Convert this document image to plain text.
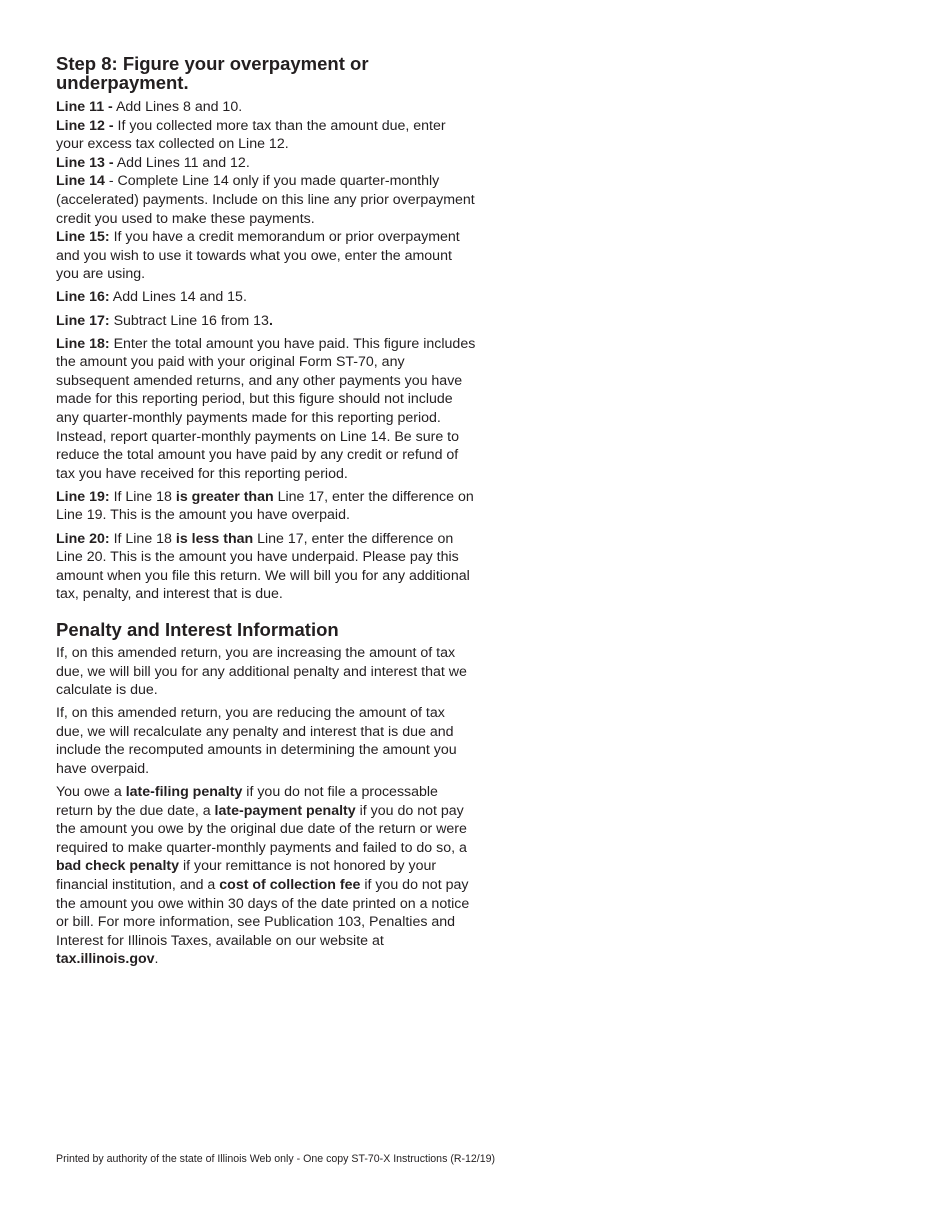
Step 8: Figure your overpayment or underpayment.

Line 11 - Add Lines 8 and 10.

Line 12 - If you collected more tax than the amount due, enter your excess tax collected on Line 12.

Line 13 - Add Lines 11 and 12.

Line 14 - Complete Line 14 only if you made quarter-monthly (accelerated) payments. Include on this line any prior overpayment credit you used to make these payments.

Line 15: If you have a credit memorandum or prior overpayment and you wish to use it towards what you owe, enter the amount you are using.

Line 16: Add Lines 14 and 15.

Line 17: Subtract Line 16 from 13.

Line 18: Enter the total amount you have paid. This figure includes the amount you paid with your original Form ST-70, any subsequent amended returns, and any other payments you have made for this reporting period, but this figure should not include any quarter-monthly payments made for this reporting period. Instead, report quarter-monthly payments on Line 14. Be sure to reduce the total amount you have paid by any credit or refund of tax you have received for this reporting period.

Line 19: If Line 18 is greater than Line 17, enter the difference on Line 19. This is the amount you have overpaid.

Line 20: If Line 18 is less than Line 17, enter the difference on Line 20. This is the amount you have underpaid. Please pay this amount when you file this return. We will bill you for any additional tax, penalty, and interest that is due.

Penalty and Interest Information

If, on this amended return, you are increasing the amount of tax due, we will bill you for any additional penalty and interest that we calculate is due.

If, on this amended return, you are reducing the amount of tax due, we will recalculate any penalty and interest that is due and include the recomputed amounts in determining the amount you have overpaid.

You owe a late-filing penalty if you do not file a processable return by the due date, a late-payment penalty if you do not pay the amount you owe by the original due date of the return or were required to make quarter-monthly payments and failed to do so, a bad check penalty if your remittance is not honored by your financial institution, and a cost of collection fee if you do not pay the amount you owe within 30 days of the date printed on a notice or bill. For more information, see Publication 103, Penalties and Interest for Illinois Taxes, available on our website at tax.illinois.gov.

Printed by authority of the state of Illinois Web only - One copy ST-70-X Instructions (R-12/19)
